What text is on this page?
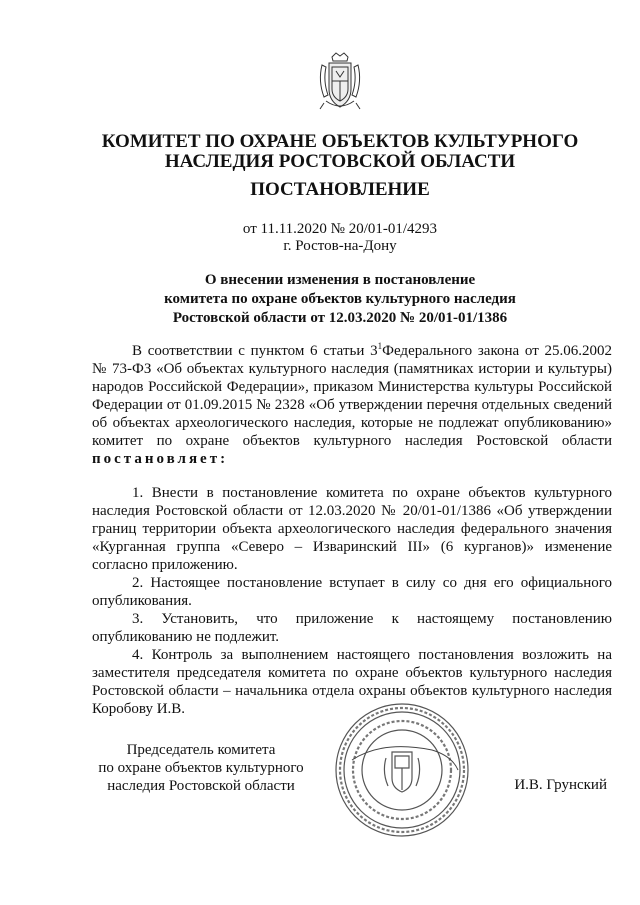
КОМИТЕТ ПО ОХРАНЕ ОБЪЕКТОВ КУЛЬТУРНОГО
НАСЛЕДИЯ РОСТОВСКОЙ ОБЛАСТИ
ПОСТАНОВЛЕНИЕ
от 11.11.2020 № 20/01-01/4293
г. Ростов-на-Дону
О внесении изменения в постановление
комитета по охране объектов культурного наследия
Ростовской области от 12.03.2020 № 20/01-01/1386

В соответствии с пунктом 6 статьи $3^1Федерального$ закона от 25.06.2002 № 73-ФЗ «Об объектах культурного наследия (памятниках истории и культуры) народов Российской Федерации», приказом Министерства культуры Российской Федерации от 01.09.2015 № 2328 «Об утверждении перечня отдельных сведений об объектах археологического наследия, которые не подлежат опубликованию» комитет по охране объектов культурного наследия Ростовской области постановляет:

1. Внести в постановление комитета по охране объектов культурного наследия Ростовской области от 12.03.2020 № 20/01-01/1386 «Об утверждении границ территории объекта археологического наследия федерального значения «Курганная группа «Северо – Изваринский III» (6 курганов)» изменение согласно приложению.

2. Настоящее постановление вступает в силу со дня его официального опубликования.

3. Установить, что приложение к настоящему постановлению опубликованию не подлежит.

4. Контроль за выполнением настоящего постановления возложить на заместителя председателя комитета по охране объектов культурного наследия Ростовской области – начальника отдела охраны объектов культурного наследия Коробову И.В.

Председатель комитета
по охране объектов культурного
наследия Ростовской области	И.В. Грунский
